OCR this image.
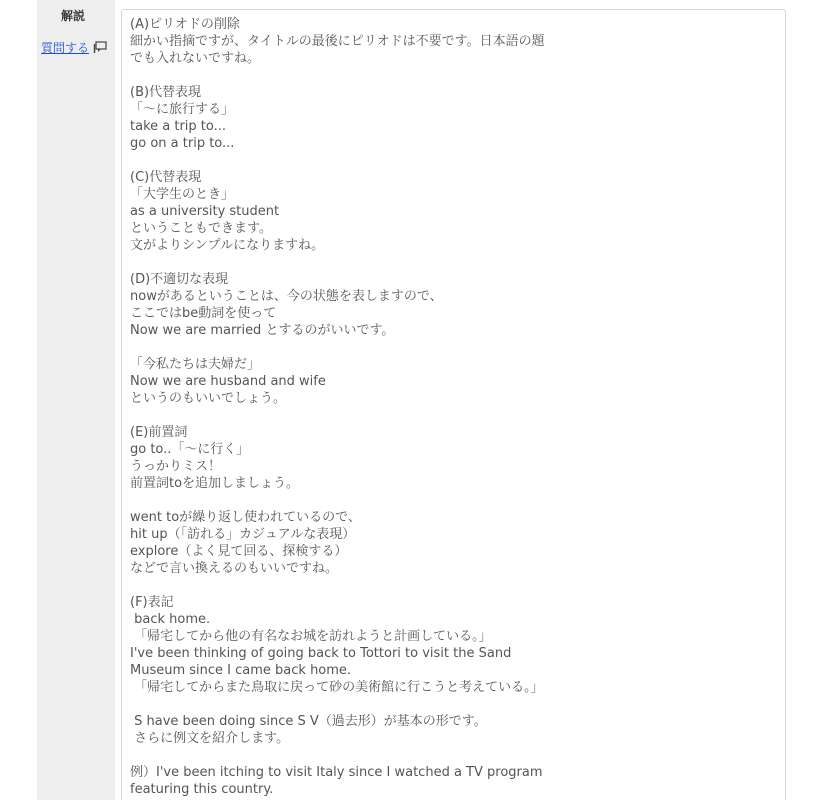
解説
質問する
(A)ピリオドの削除
細かい指摘ですが、タイトルの最後にピリオドは不要です。日本語の題
でも入れないですね。
(B)代替表現
「～に旅行する」
take a trip to...
go on a trip to...
(C)代替表現
「大学生のとき」
as a university student
ということもできます。
文がよりシンプルになりますね。
(D)不適切な表現
nowがあるということは、今の状態を表しますので、
ここではbe動詞を使って
Now we are married とするのがいいです。
「今私たちは夫婦だ」
Now we are husband and wife
というのもいいでしょう。
(E)前置詞
go to..「～に行く」
うっかりミス！
前置詞toを追加しましょう。
went toが繰り返し使われているので、
hit up（「訪れる」カジュアルな表現）
explore（よく見て回る、探検する）
などで言い換えるのもいいですね。
(F)表記
back home.
「帰宅してから他の有名なお城を訪れようと計画している。」
I've been thinking of going back to Tottori to visit the Sand
Museum since I came back home.
「帰宅してからまた鳥取に戻って砂の美術館に行こうと考えている。」
S have been doing since S V（過去形）が基本の形です。
さらに例文を紹介します。
例）I've been itching to visit Italy since I watched a TV program
featuring this country.
